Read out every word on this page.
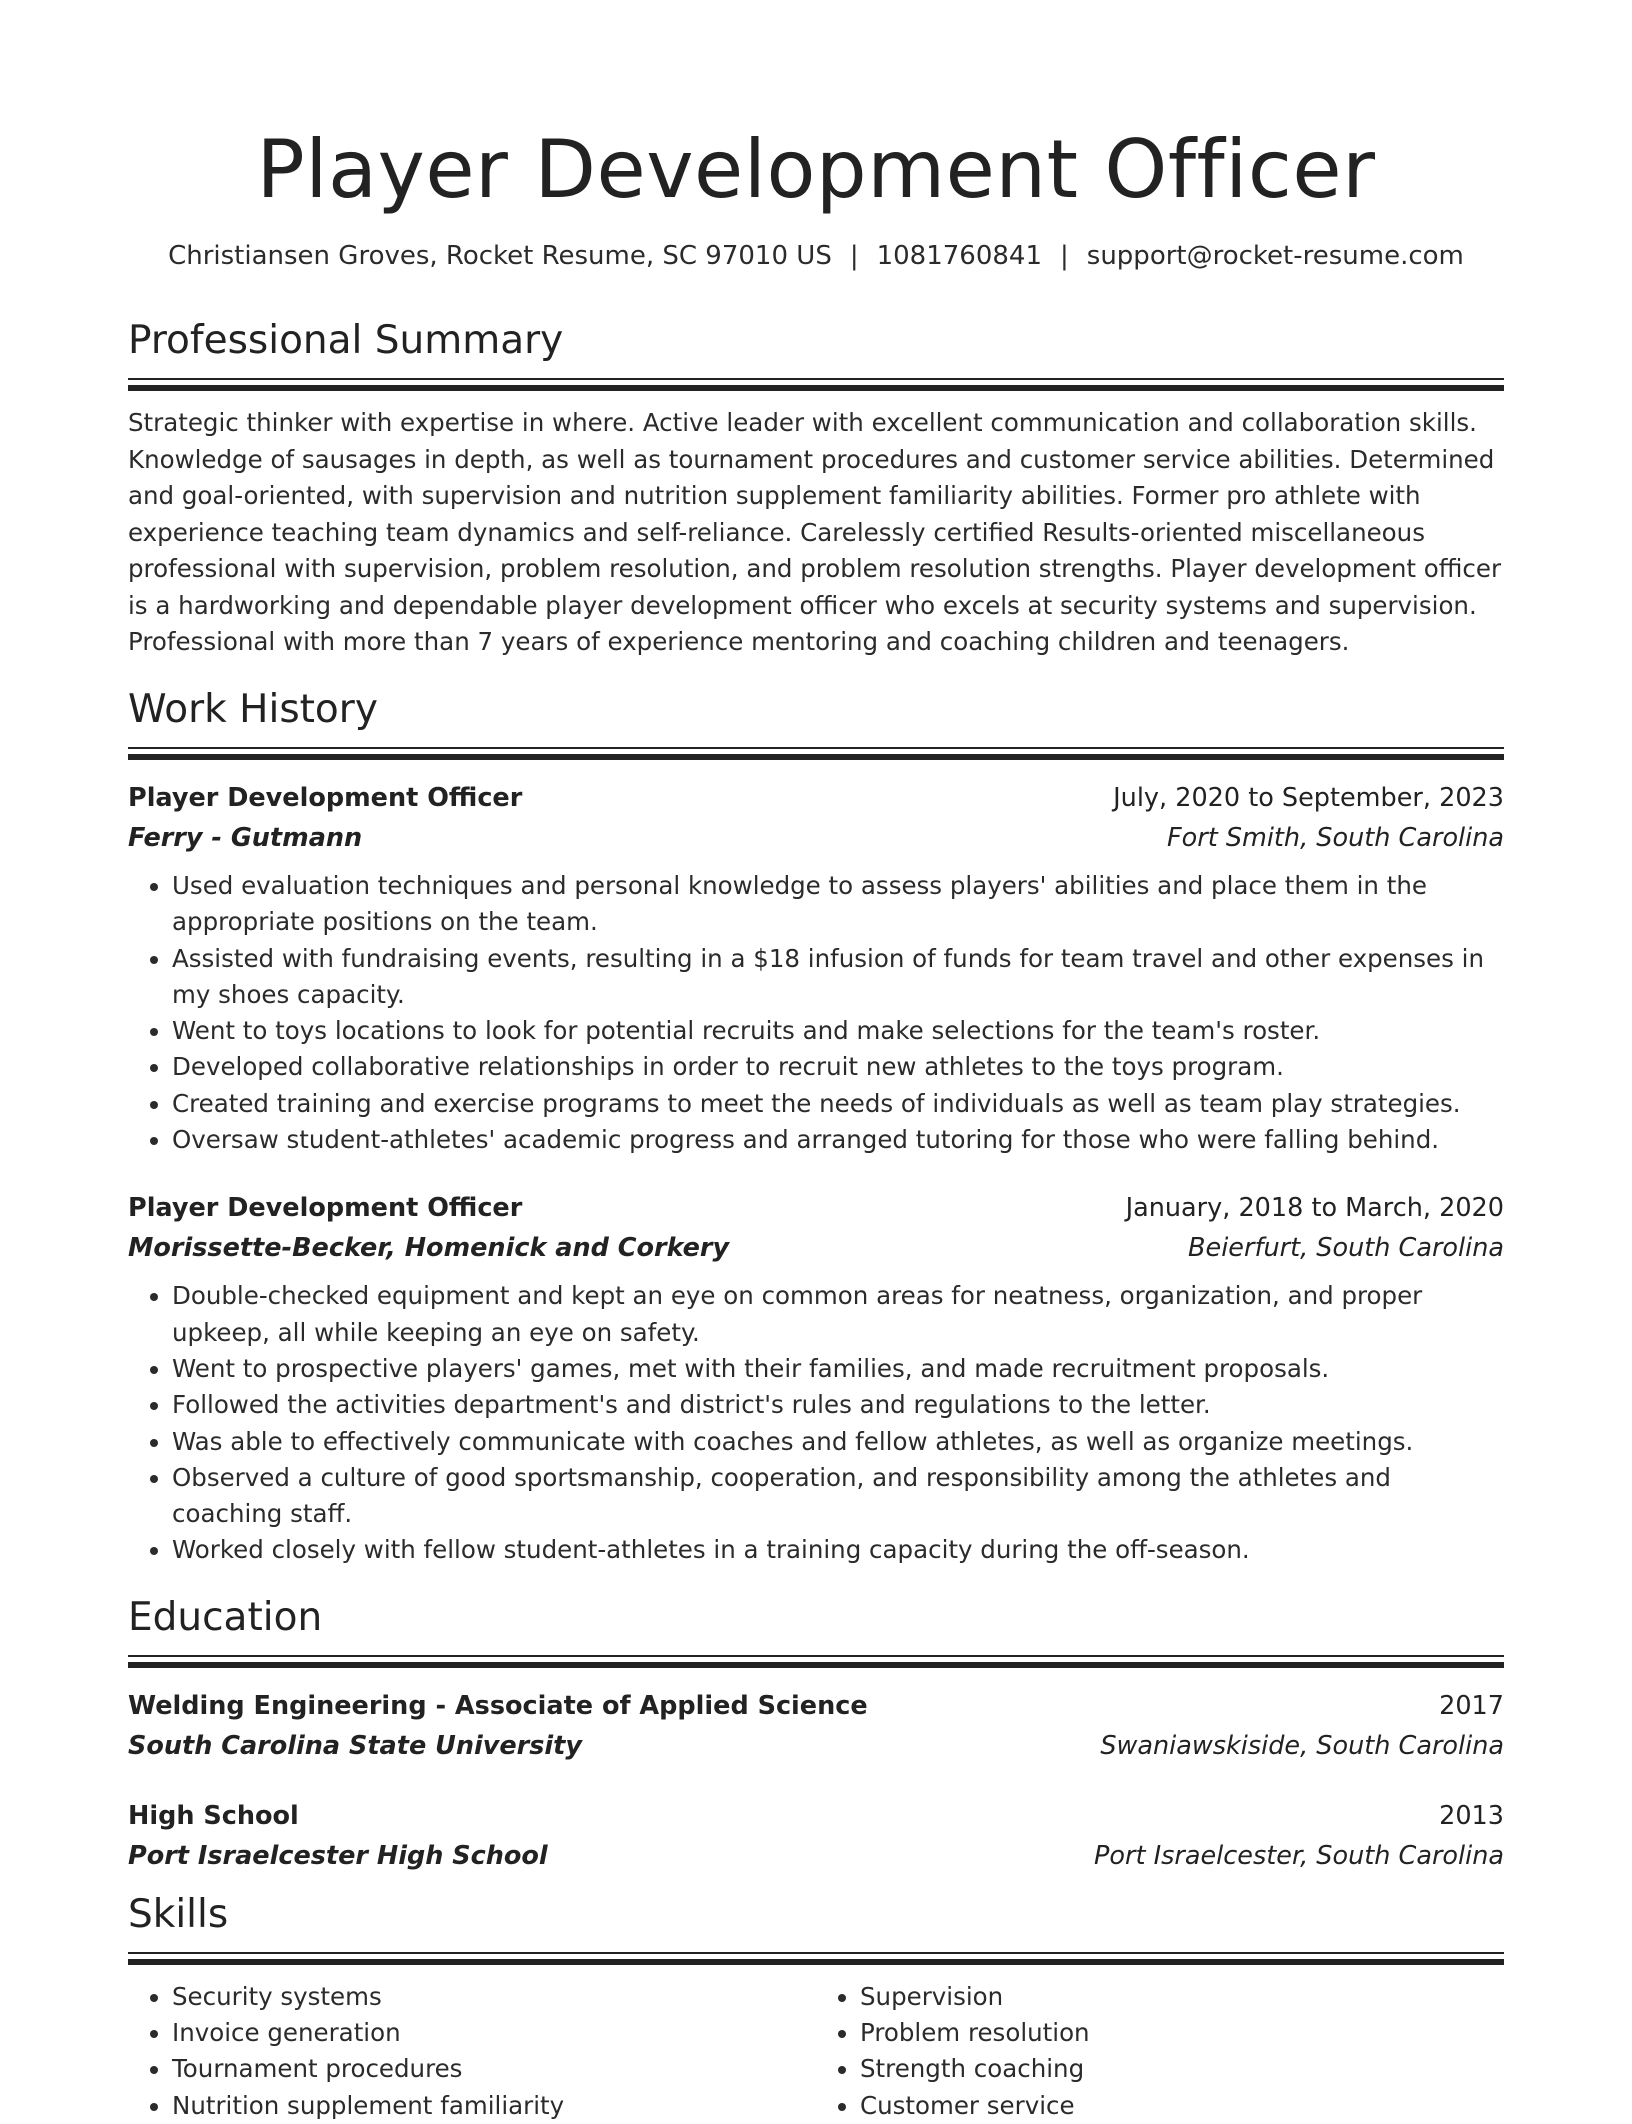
Player Development Officer
Christiansen Groves, Rocket Resume, SC 97010 US | 1081760841 | support@rocket-resume.com
Professional Summary

Strategic thinker with expertise in where. Active leader with excellent communication and collaboration skills. Knowledge of sausages in depth, as well as tournament procedures and customer service abilities. Determined and goal-oriented, with supervision and nutrition supplement familiarity abilities. Former pro athlete with experience teaching team dynamics and self-reliance. Carelessly certified Results-oriented miscellaneous professional with supervision, problem resolution, and problem resolution strengths. Player development officer is a hardworking and dependable player development officer who excels at security systems and supervision. Professional with more than 7 years of experience mentoring and coaching children and teenagers.

Work History
Player Development Officer	July, 2020 to September, 2023
Ferry - Gutmann	Fort Smith, South Carolina
• Used evaluation techniques and personal knowledge to assess players' abilities and place them in the appropriate positions on the team.
• Assisted with fundraising events, resulting in a $18 infusion of funds for team travel and other expenses in my shoes capacity.
• Went to toys locations to look for potential recruits and make selections for the team's roster.
• Developed collaborative relationships in order to recruit new athletes to the toys program.
• Created training and exercise programs to meet the needs of individuals as well as team play strategies.
• Oversaw student-athletes' academic progress and arranged tutoring for those who were falling behind.
Player Development Officer	January, 2018 to March, 2020
Morissette-Becker, Homenick and Corkery	Beierfurt, South Carolina
• Double-checked equipment and kept an eye on common areas for neatness, organization, and proper upkeep, all while keeping an eye on safety.
• Went to prospective players' games, met with their families, and made recruitment proposals.
• Followed the activities department's and district's rules and regulations to the letter.
• Was able to effectively communicate with coaches and fellow athletes, as well as organize meetings.
• Observed a culture of good sportsmanship, cooperation, and responsibility among the athletes and coaching staff.
• Worked closely with fellow student-athletes in a training capacity during the off-season.
Education
Welding Engineering - Associate of Applied Science	2017
South Carolina State University	Swaniawskiside, South Carolina
High School	2013
Port Israelcester High School	Port Israelcester, South Carolina
Skills
• Security systems
• Invoice generation
• Tournament procedures
• Nutrition supplement familiarity
• Supervision
• Problem resolution
• Strength coaching
• Customer service
